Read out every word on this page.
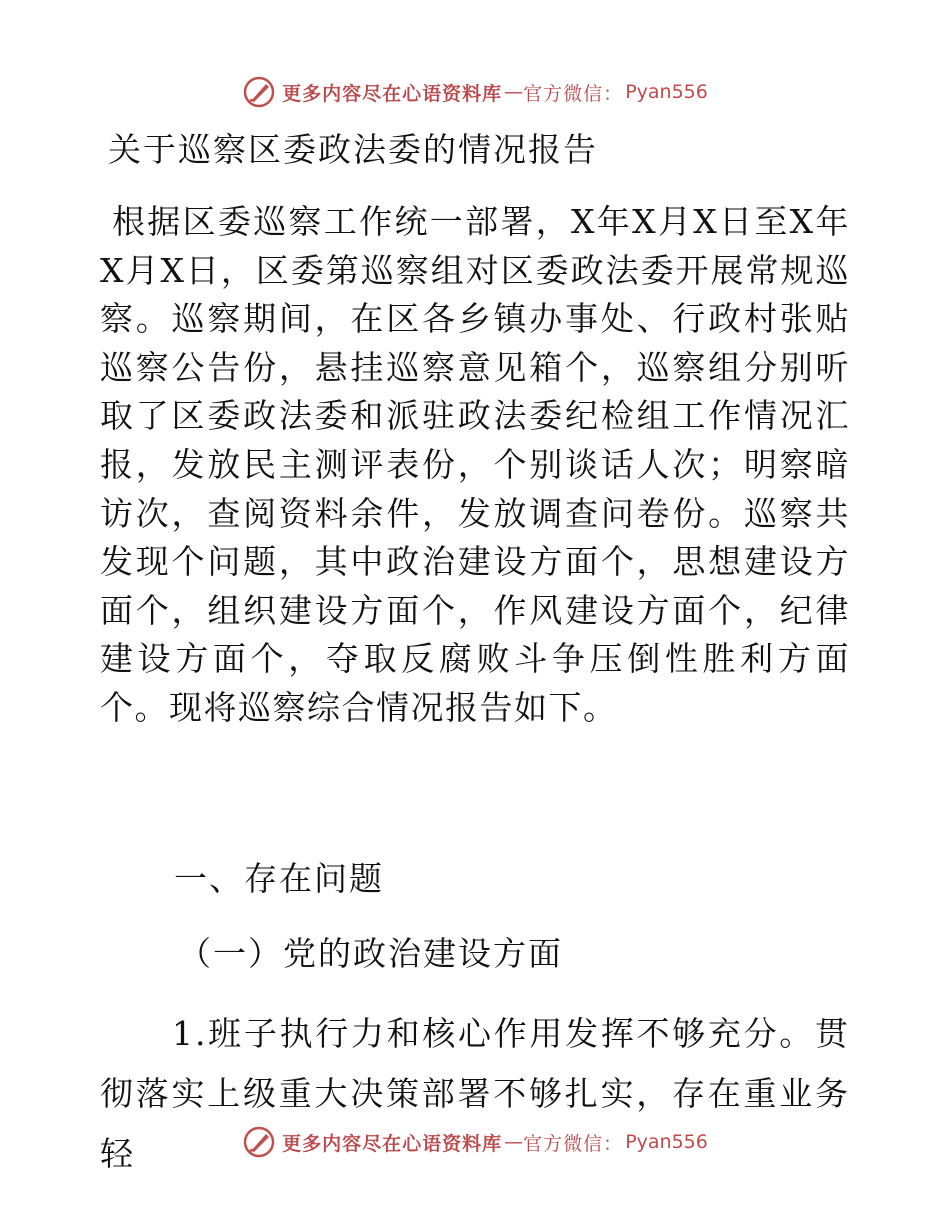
更多内容尽在心语资料库 — 官方微信： Pyan556
关于巡察区委政法委的情况报告

根据区委巡察工作统一部署，X年X月X日至X年X月X日，区委第巡察组对区委政法委开展常规巡察。巡察期间，在区各乡镇办事处、行政村张贴巡察公告份，悬挂巡察意见箱个，巡察组分别听取了区委政法委和派驻政法委纪检组工作情况汇报，发放民主测评表份，个别谈话人次；明察暗访次，查阅资料余件，发放调查问卷份。巡察共发现个问题，其中政治建设方面个，思想建设方面个，组织建设方面个，作风建设方面个，纪律建设方面个，夺取反腐败斗争压倒性胜利方面个。现将巡察综合情况报告如下。

一、存在问题
（一）党的政治建设方面

1.班子执行力和核心作用发挥不够充分。贯彻落实上级重大决策部署不够扎实，存在重业务轻	更多内容尽在心语资料库 — 官方微信： Pyan556
